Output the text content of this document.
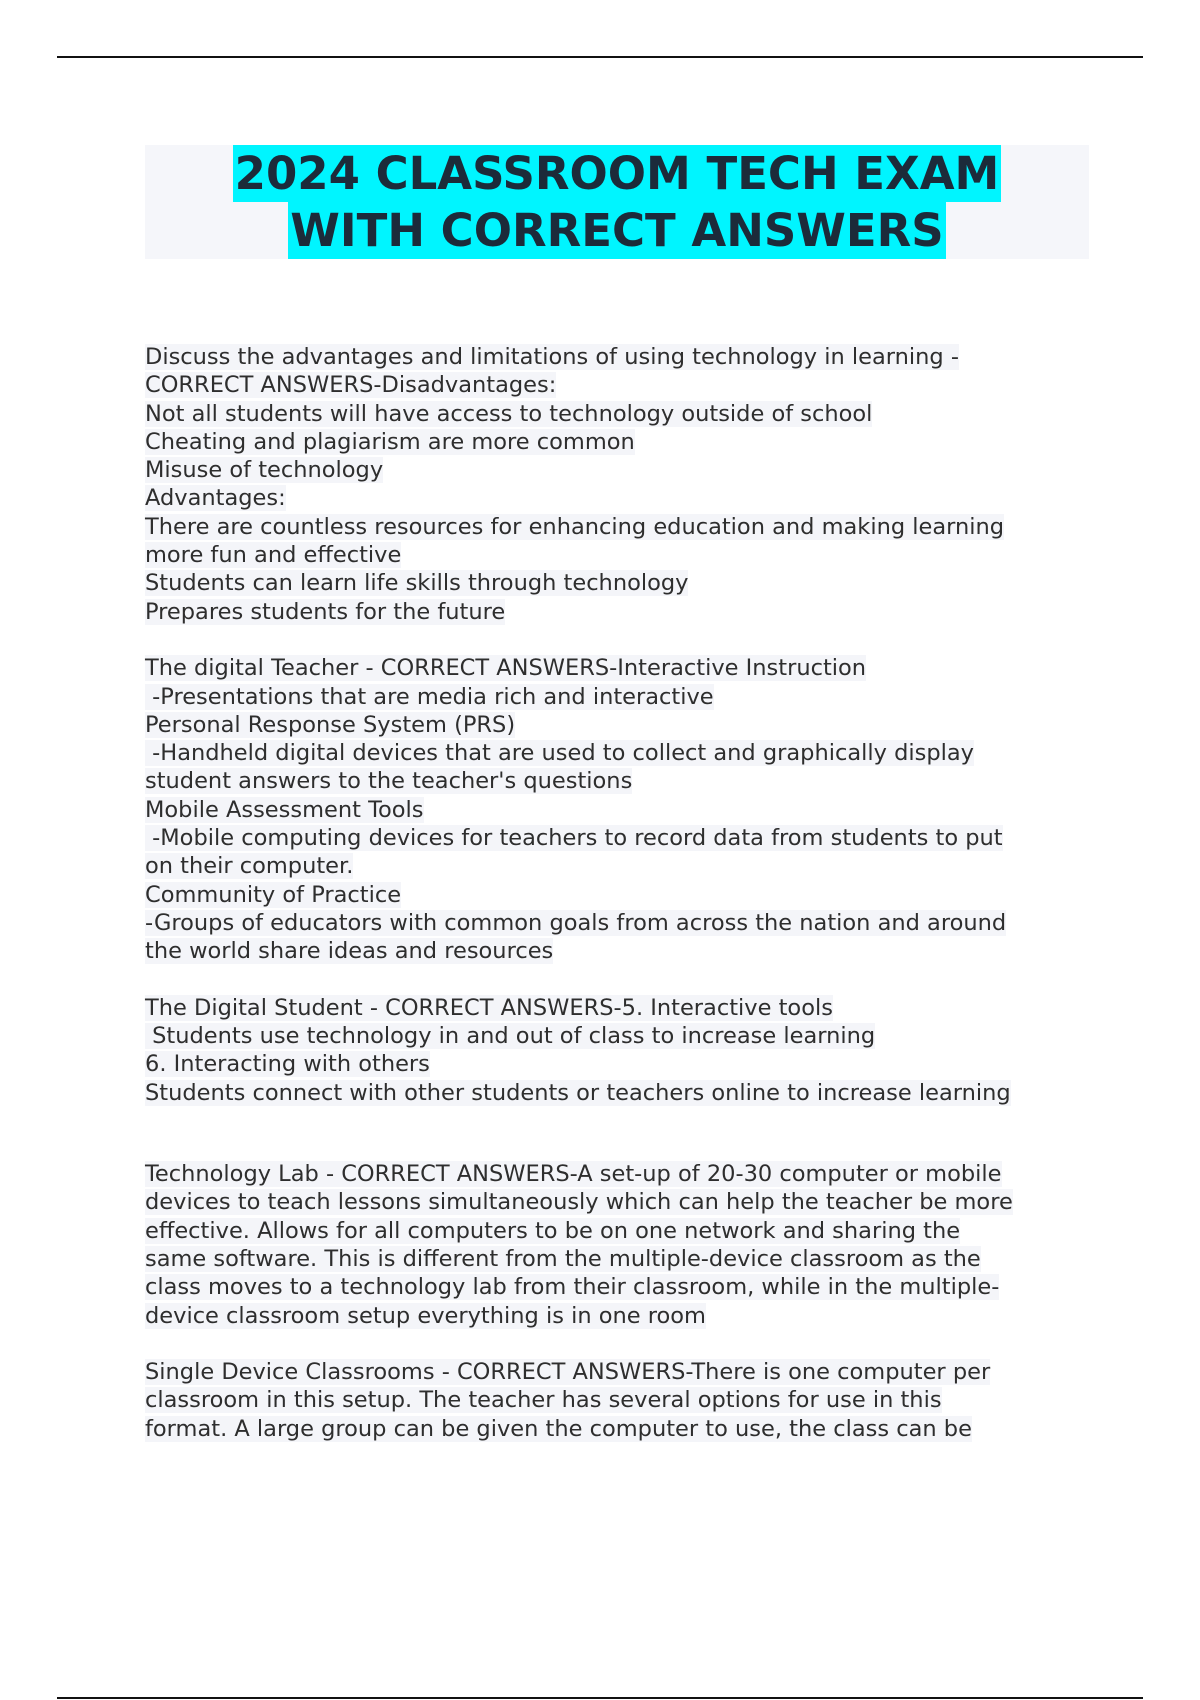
2024 CLASSROOM TECH EXAM
WITH CORRECT ANSWERS
Discuss the advantages and limitations of using technology in learning -
CORRECT ANSWERS-Disadvantages:
Not all students will have access to technology outside of school
Cheating and plagiarism are more common
Misuse of technology
Advantages:
There are countless resources for enhancing education and making learning
more fun and effective
Students can learn life skills through technology
Prepares students for the future
The digital Teacher - CORRECT ANSWERS-Interactive Instruction
-Presentations that are media rich and interactive
Personal Response System (PRS)
-Handheld digital devices that are used to collect and graphically display
student answers to the teacher's questions
Mobile Assessment Tools
-Mobile computing devices for teachers to record data from students to put
on their computer.
Community of Practice
-Groups of educators with common goals from across the nation and around
the world share ideas and resources
The Digital Student - CORRECT ANSWERS-5. Interactive tools
Students use technology in and out of class to increase learning
6. Interacting with others
Students connect with other students or teachers online to increase learning
Technology Lab - CORRECT ANSWERS-A set-up of 20-30 computer or mobile
devices to teach lessons simultaneously which can help the teacher be more
effective. Allows for all computers to be on one network and sharing the
same software. This is different from the multiple-device classroom as the
class moves to a technology lab from their classroom, while in the multiple-
device classroom setup everything is in one room
Single Device Classrooms - CORRECT ANSWERS-There is one computer per
classroom in this setup. The teacher has several options for use in this
format. A large group can be given the computer to use, the class can be
